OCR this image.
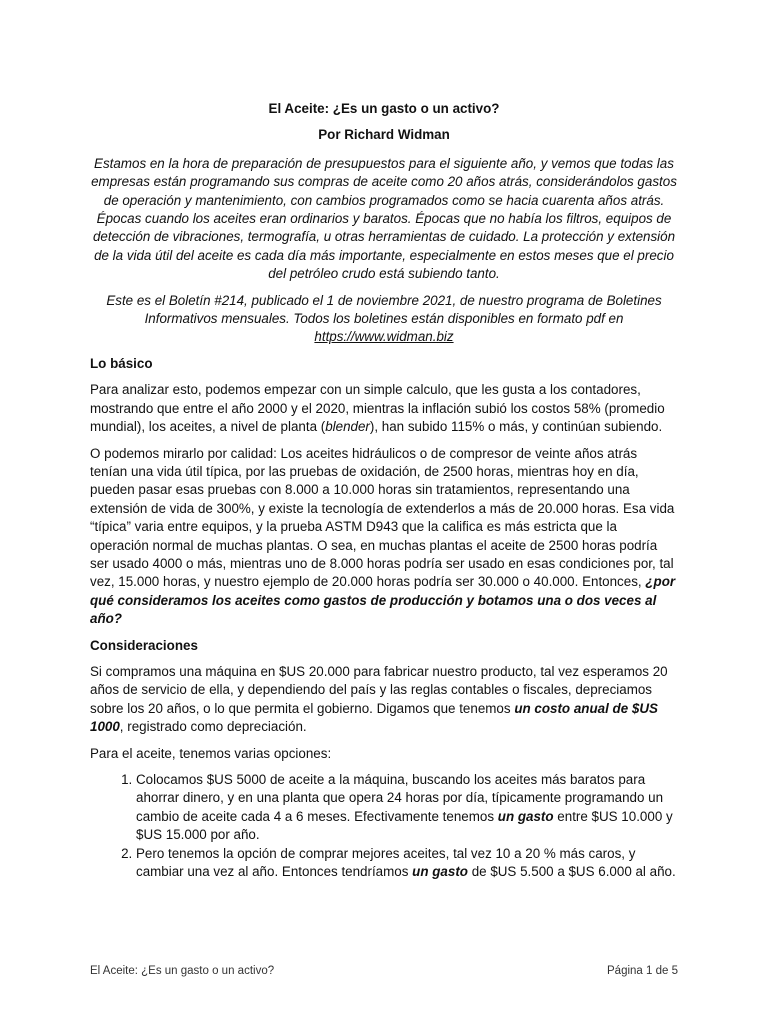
El Aceite: ¿Es un gasto o un activo?
Por Richard Widman
Estamos en la hora de preparación de presupuestos para el siguiente año, y vemos que todas las empresas están programando sus compras de aceite como 20 años atrás, considerándolos gastos de operación y mantenimiento, con cambios programados como se hacia cuarenta años atrás. Épocas cuando los aceites eran ordinarios y baratos. Épocas que no había los filtros, equipos de detección de vibraciones, termografía, u otras herramientas de cuidado. La protección y extensión de la vida útil del aceite es cada día más importante, especialmente en estos meses que el precio del petróleo crudo está subiendo tanto.
Este es el Boletín #214, publicado el 1 de noviembre 2021, de nuestro programa de Boletines Informativos mensuales. Todos los boletines están disponibles en formato pdf en https://www.widman.biz
Lo básico

Para analizar esto, podemos empezar con un simple calculo, que les gusta a los contadores, mostrando que entre el año 2000 y el 2020, mientras la inflación subió los costos 58% (promedio mundial), los aceites, a nivel de planta (blender), han subido 115% o más, y continúan subiendo.

O podemos mirarlo por calidad: Los aceites hidráulicos o de compresor de veinte años atrás tenían una vida útil típica, por las pruebas de oxidación, de 2500 horas, mientras hoy en día, pueden pasar esas pruebas con 8.000 a 10.000 horas sin tratamientos, representando una extensión de vida de 300%, y existe la tecnología de extenderlos a más de 20.000 horas. Esa vida “típica” varia entre equipos, y la prueba ASTM D943 que la califica es más estricta que la operación normal de muchas plantas. O sea, en muchas plantas el aceite de 2500 horas podría ser usado 4000 o más, mientras uno de 8.000 horas podría ser usado en esas condiciones por, tal vez, 15.000 horas, y nuestro ejemplo de 20.000 horas podría ser 30.000 o 40.000. Entonces, ¿por qué consideramos los aceites como gastos de producción y botamos una o dos veces al año?

Consideraciones

Si compramos una máquina en $US 20.000 para fabricar nuestro producto, tal vez esperamos 20 años de servicio de ella, y dependiendo del país y las reglas contables o fiscales, depreciamos sobre los 20 años, o lo que permita el gobierno. Digamos que tenemos un costo anual de $US 1000, registrado como depreciación.

Para el aceite, tenemos varias opciones:

1. Colocamos $US 5000 de aceite a la máquina, buscando los aceites más baratos para ahorrar dinero, y en una planta que opera 24 horas por día, típicamente programando un cambio de aceite cada 4 a 6 meses. Efectivamente tenemos un gasto entre $US 10.000 y $US 15.000 por año.
2. Pero tenemos la opción de comprar mejores aceites, tal vez 10 a 20 % más caros, y cambiar una vez al año. Entonces tendríamos un gasto de $US 5.500 a $US 6.000 al año.
El Aceite: ¿Es un gasto o un activo?	Página 1 de 5
